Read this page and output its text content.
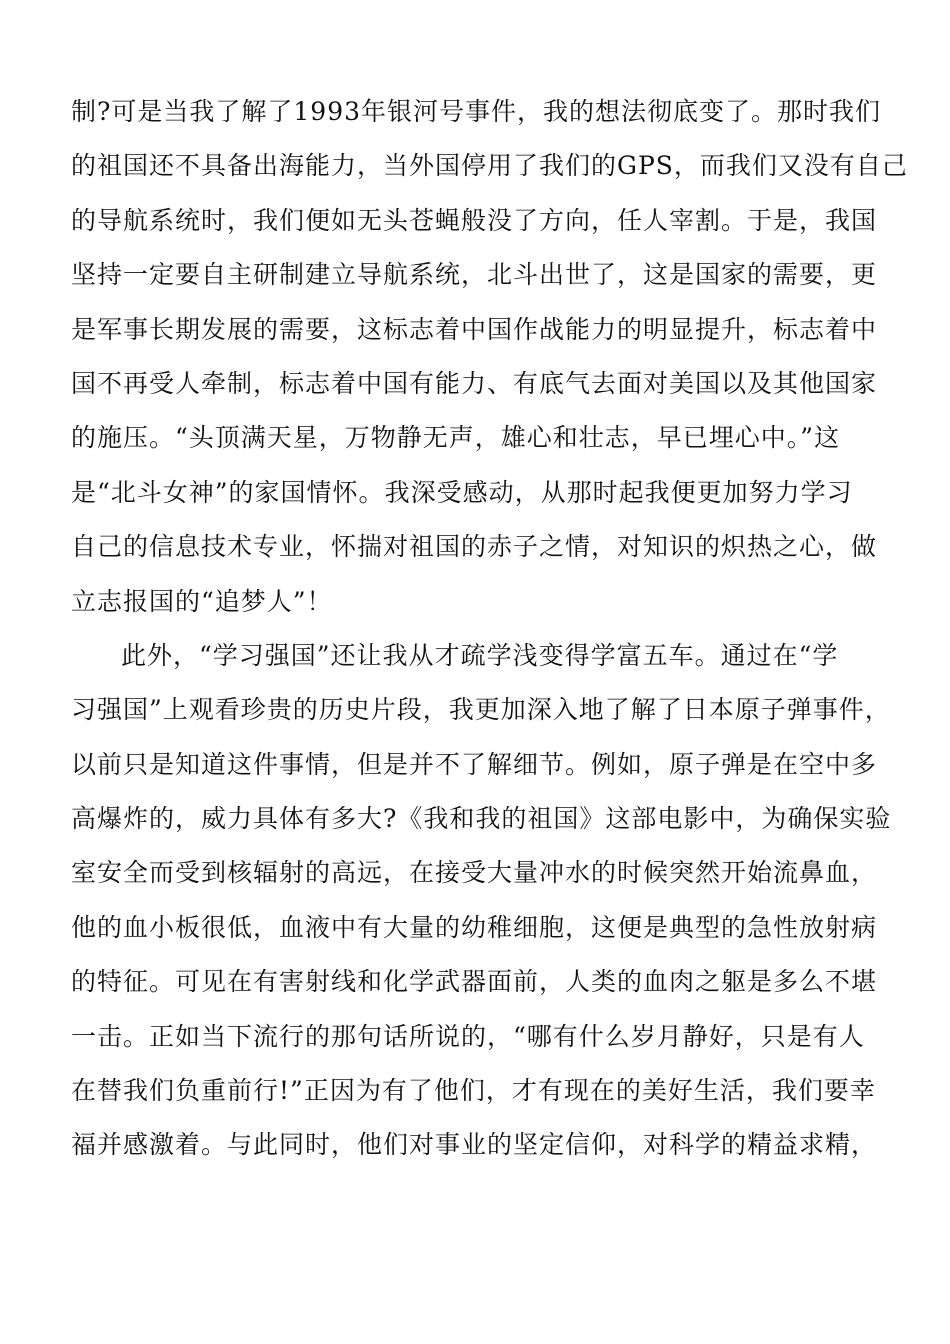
制?可是当我了解了1993年银河号事件，我的想法彻底变了。那时我们
的祖国还不具备出海能力，当外国停用了我们的GPS，而我们又没有自己
的导航系统时，我们便如无头苍蝇般没了方向，任人宰割。于是，我国
坚持一定要自主研制建立导航系统，北斗出世了，这是国家的需要，更
是军事长期发展的需要，这标志着中国作战能力的明显提升，标志着中
国不再受人牵制，标志着中国有能力、有底气去面对美国以及其他国家
的施压。“头顶满天星，万物静无声，雄心和壮志，早已埋心中。”这
是“北斗女神”的家国情怀。我深受感动，从那时起我便更加努力学习
自己的信息技术专业，怀揣对祖国的赤子之情，对知识的炽热之心，做
立志报国的“追梦人”！
此外，“学习强国”还让我从才疏学浅变得学富五车。通过在“学
习强国”上观看珍贵的历史片段，我更加深入地了解了日本原子弹事件，
以前只是知道这件事情，但是并不了解细节。例如，原子弹是在空中多
高爆炸的，威力具体有多大?《我和我的祖国》这部电影中，为确保实验
室安全而受到核辐射的高远，在接受大量冲水的时候突然开始流鼻血，
他的血小板很低，血液中有大量的幼稚细胞，这便是典型的急性放射病
的特征。可见在有害射线和化学武器面前，人类的血肉之躯是多么不堪
一击。正如当下流行的那句话所说的，“哪有什么岁月静好，只是有人
在替我们负重前行!”正因为有了他们，才有现在的美好生活，我们要幸
福并感激着。与此同时，他们对事业的坚定信仰，对科学的精益求精，
